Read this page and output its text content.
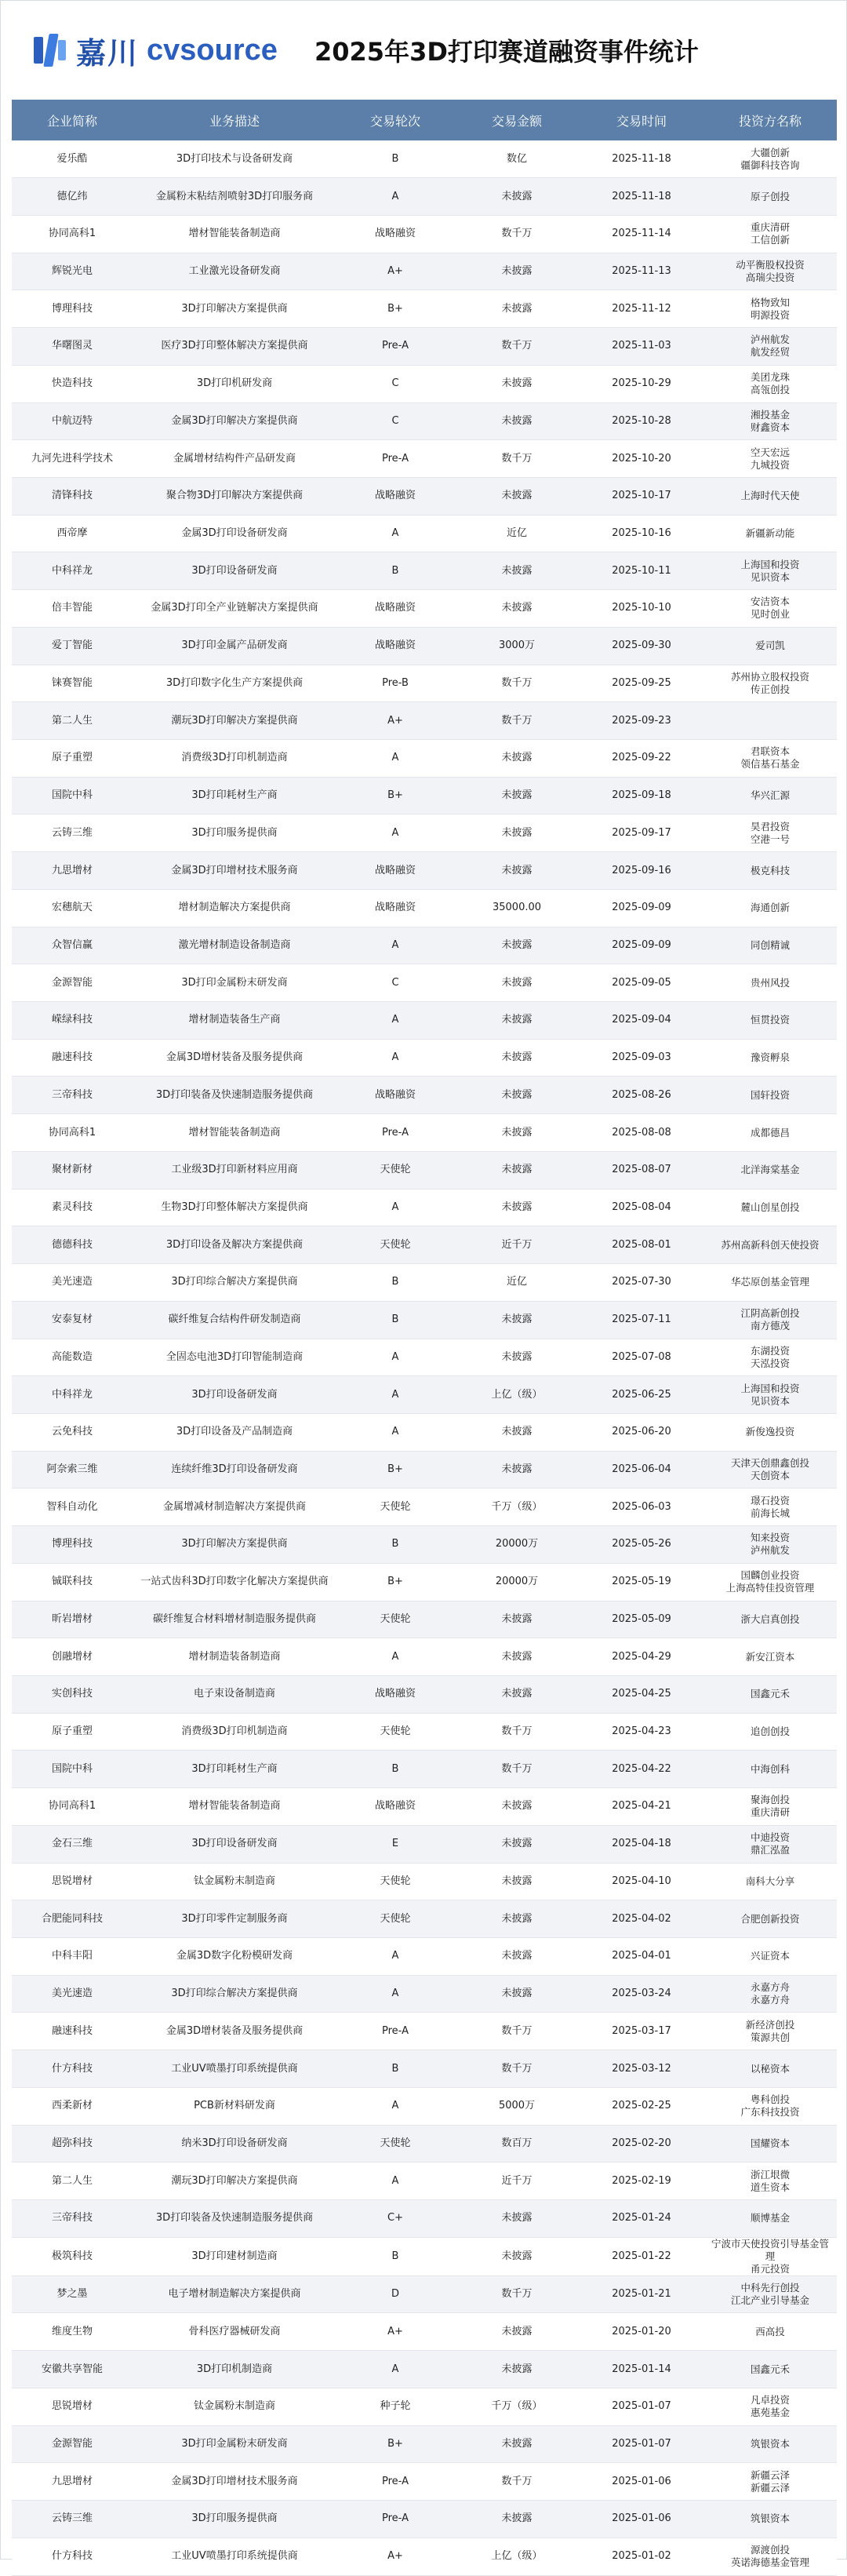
嘉川 cvsource 2025年3D打印赛道融资事件统计
企业简称	业务描述	交易轮次	交易金额	交易时间	投资方名称
爱乐酷	3D打印技术与设备研发商	B	数亿	2025-11-18	大疆创新
疆御科技咨询

德亿纬	金属粉末粘结剂喷射3D打印服务商	A	未披露	2025-11-18	原子创投

协同高科1	增材智能装备制造商	战略融资	数千万	2025-11-14	重庆清研
工信创新

辉锐光电	工业激光设备研发商	A+	未披露	2025-11-13	动平衡股权投资
高瑞尖投资

博理科技	3D打印解决方案提供商	B+	未披露	2025-11-12	格物致知
明源投资

华曙图灵	医疗3D打印整体解决方案提供商	Pre-A	数千万	2025-11-03	泸州航发
航发经贸

快造科技	3D打印机研发商	C	未披露	2025-10-29	美团龙珠
高瓴创投

中航迈特	金属3D打印解决方案提供商	C	未披露	2025-10-28	湘投基金
财鑫资本

九河先进科学技术	金属增材结构件产品研发商	Pre-A	数千万	2025-10-20	空天宏远
九城投资

清锋科技	聚合物3D打印解决方案提供商	战略融资	未披露	2025-10-17	上海时代天使

西帝摩	金属3D打印设备研发商	A	近亿	2025-10-16	新疆新动能

中科祥龙	3D打印设备研发商	B	未披露	2025-10-11	上海国和投资
见识资本

倍丰智能	金属3D打印全产业链解决方案提供商	战略融资	未披露	2025-10-10	安洁资本
见时创业

爱丁智能	3D打印金属产品研发商	战略融资	3000万	2025-09-30	爱司凯

铼赛智能	3D打印数字化生产方案提供商	Pre-B	数千万	2025-09-25	苏州协立股权投资
传正创投

第二人生	潮玩3D打印解决方案提供商	A+	数千万	2025-09-23	

原子重塑	消费级3D打印机制造商	A	未披露	2025-09-22	君联资本
领信基石基金

国院中科	3D打印耗材生产商	B+	未披露	2025-09-18	华兴汇源

云铸三维	3D打印服务提供商	A	未披露	2025-09-17	昊君投资
空港一号

九思增材	金属3D打印增材技术服务商	战略融资	未披露	2025-09-16	极克科技

宏穗航天	增材制造解决方案提供商	战略融资	35000.00	2025-09-09	海通创新

众智信赢	激光增材制造设备制造商	A	未披露	2025-09-09	同创精诚

金源智能	3D打印金属粉末研发商	C	未披露	2025-09-05	贵州风投

嵘绿科技	增材制造装备生产商	A	未披露	2025-09-04	恒贯投资

融速科技	金属3D增材装备及服务提供商	A	未披露	2025-09-03	豫资孵泉

三帝科技	3D打印装备及快速制造服务提供商	战略融资	未披露	2025-08-26	国轩投资

协同高科1	增材智能装备制造商	Pre-A	未披露	2025-08-08	成都德昌

聚材新材	工业级3D打印新材料应用商	天使轮	未披露	2025-08-07	北洋海棠基金

素灵科技	生物3D打印整体解决方案提供商	A	未披露	2025-08-04	麓山创星创投

德德科技	3D打印设备及解决方案提供商	天使轮	近千万	2025-08-01	苏州高新科创天使投资

美光速造	3D打印综合解决方案提供商	B	近亿	2025-07-30	华芯原创基金管理

安泰复材	碳纤维复合结构件研发制造商	B	未披露	2025-07-11	江阴高新创投
南方德茂

高能数造	全固态电池3D打印智能制造商	A	未披露	2025-07-08	东湖投资
天泓投资

中科祥龙	3D打印设备研发商	A	上亿（级）	2025-06-25	上海国和投资
见识资本

云免科技	3D打印设备及产品制造商	A	未披露	2025-06-20	新俊逸投资

阿奈索三维	连续纤维3D打印设备研发商	B+	未披露	2025-06-04	天津天创鼎鑫创投
天创资本

智科自动化	金属增减材制造解决方案提供商	天使轮	千万（级）	2025-06-03	璟石投资
前海长城

博理科技	3D打印解决方案提供商	B	20000万	2025-05-26	知来投资
泸州航发

铖联科技	一站式齿科3D打印数字化解决方案提供商	B+	20000万	2025-05-19	国麟创业投资
上海高特佳投资管理

昕岩增材	碳纤维复合材料增材制造服务提供商	天使轮	未披露	2025-05-09	浙大启真创投

创融增材	增材制造装备制造商	A	未披露	2025-04-29	新安江资本

实创科技	电子束设备制造商	战略融资	未披露	2025-04-25	国鑫元禾

原子重塑	消费级3D打印机制造商	天使轮	数千万	2025-04-23	追创创投

国院中科	3D打印耗材生产商	B	数千万	2025-04-22	中海创科

协同高科1	增材智能装备制造商	战略融资	未披露	2025-04-21	聚海创投
重庆清研

金石三维	3D打印设备研发商	E	未披露	2025-04-18	中迪投资
鼎汇泓盈

思锐增材	钛金属粉末制造商	天使轮	未披露	2025-04-10	南科大分享

合肥能同科技	3D打印零件定制服务商	天使轮	未披露	2025-04-02	合肥创新投资

中科丰阳	金属3D数字化粉模研发商	A	未披露	2025-04-01	兴证资本

美光速造	3D打印综合解决方案提供商	A	未披露	2025-03-24	永嘉方舟
永嘉方舟

融速科技	金属3D增材装备及服务提供商	Pre-A	数千万	2025-03-17	新经济创投
策源共创

什方科技	工业UV喷墨打印系统提供商	B	数千万	2025-03-12	以秘资本

西柔新材	PCB新材料研发商	A	5000万	2025-02-25	粤科创投
广东科技投资

超弥科技	纳米3D打印设备研发商	天使轮	数百万	2025-02-20	国耀资本

第二人生	潮玩3D打印解决方案提供商	A	近千万	2025-02-19	浙江垠微
道生资本

三帝科技	3D打印装备及快速制造服务提供商	C+	未披露	2025-01-24	顺博基金

极筑科技	3D打印建材制造商	B	未披露	2025-01-22	宁波市天使投资引导基金管理
甬元投资

梦之墨	电子增材制造解决方案提供商	D	数千万	2025-01-21	中科先行创投
江北产业引导基金

维度生物	骨科医疗器械研发商	A+	未披露	2025-01-20	西高投

安徽共享智能	3D打印机制造商	A	未披露	2025-01-14	国鑫元禾

思锐增材	钛金属粉末制造商	种子轮	千万（级）	2025-01-07	凡卓投资
惠苑基金

金源智能	3D打印金属粉末研发商	B+	未披露	2025-01-07	筑银资本

九思增材	金属3D打印增材技术服务商	Pre-A	数千万	2025-01-06	新疆云泽
新疆云泽

云铸三维	3D打印服务提供商	Pre-A	未披露	2025-01-06	筑银资本

什方科技	工业UV喷墨打印系统提供商	A+	上亿（级）	2025-01-02	源渡创投
英诺海德基金管理
